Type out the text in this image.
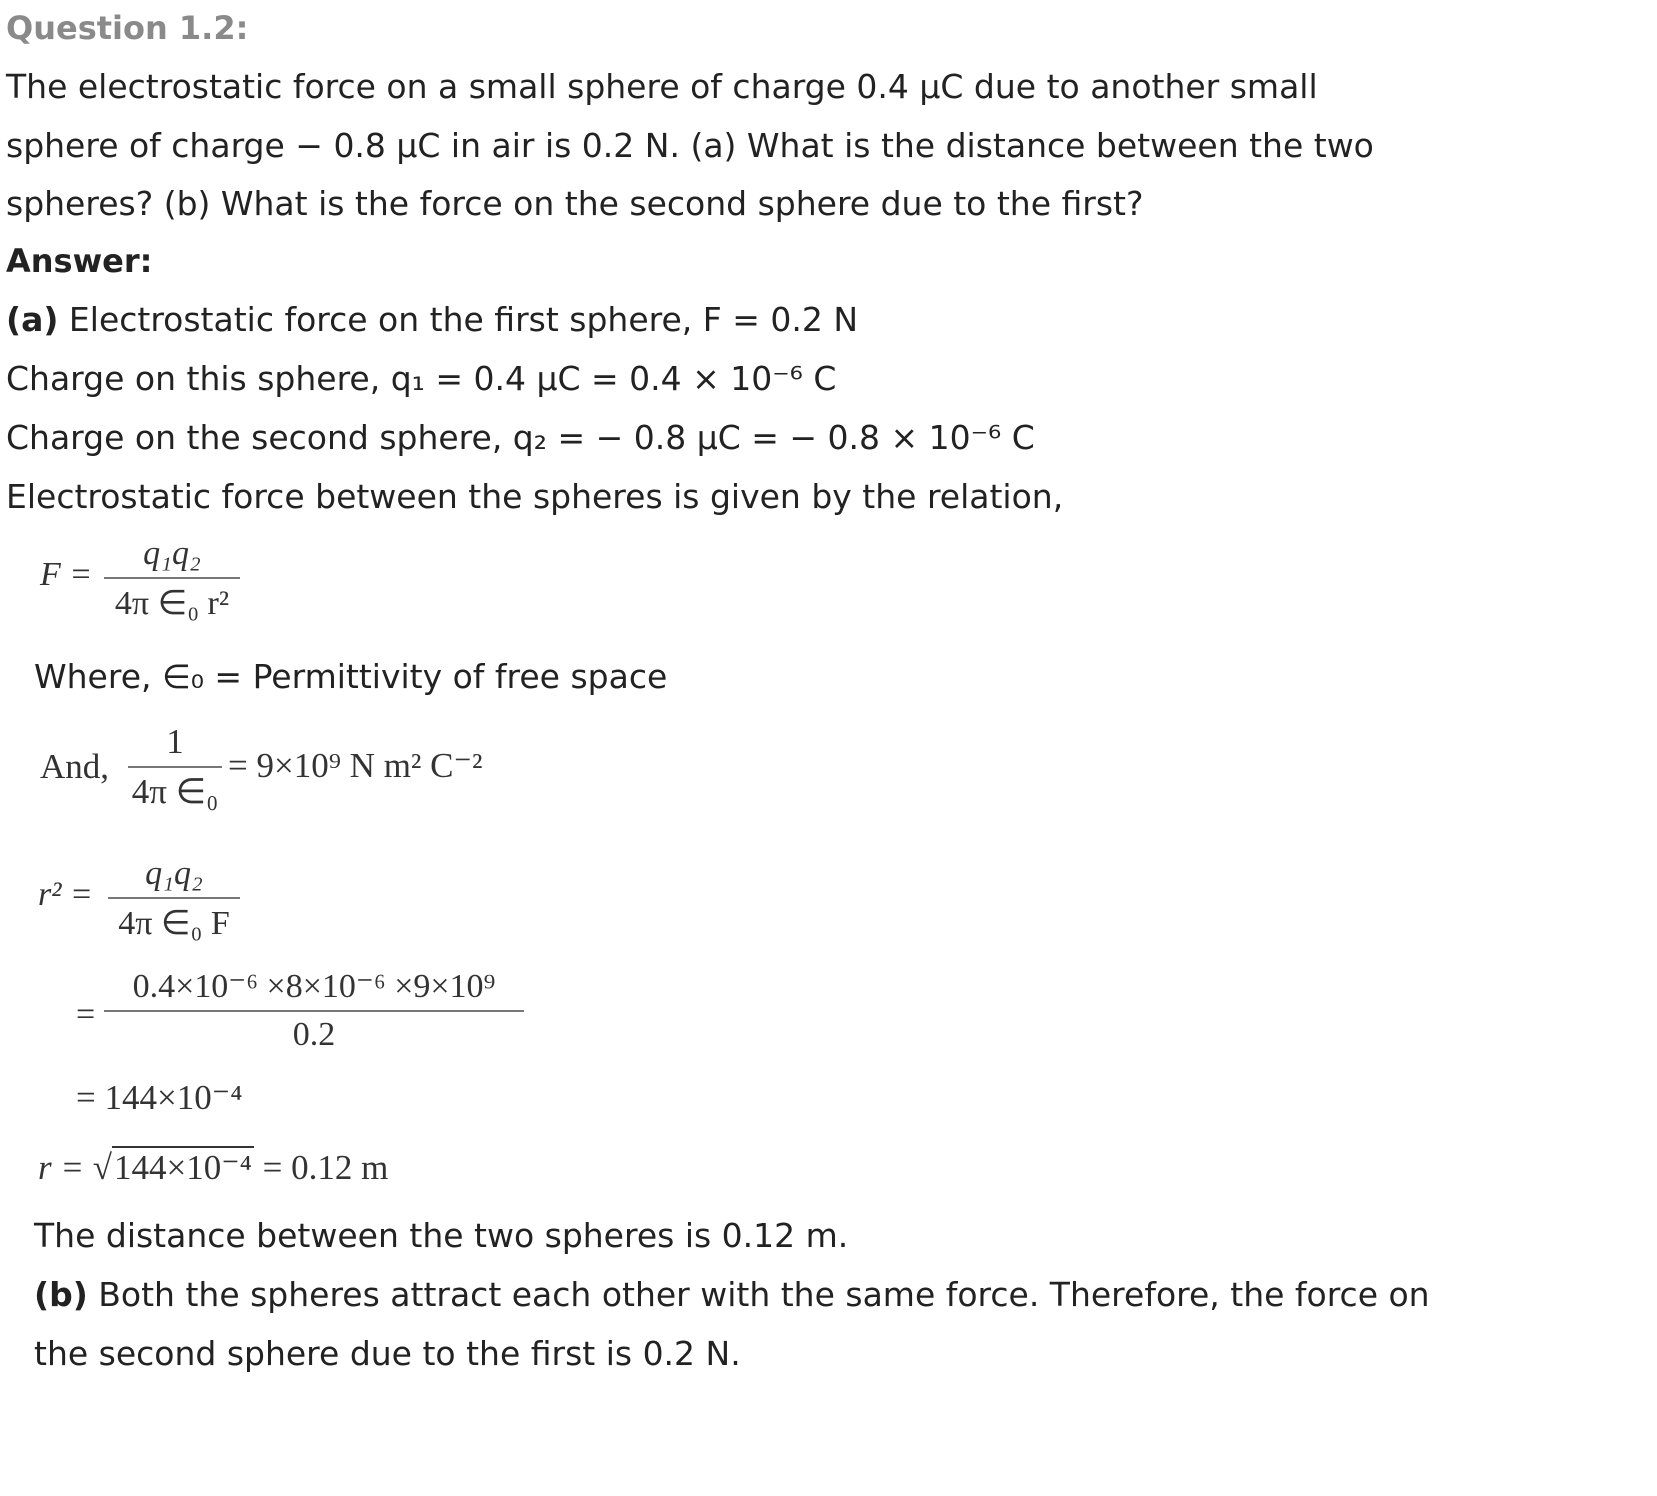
Question 1.2:
The electrostatic force on a small sphere of charge 0.4 μC due to another small
sphere of charge − 0.8 μC in air is 0.2 N. (a) What is the distance between the two
spheres? (b) What is the force on the second sphere due to the first?
Answer:
(a) Electrostatic force on the first sphere, F = 0.2 N
Charge on this sphere, q₁ = 0.4 μC = 0.4 × 10⁻⁶ C
Charge on the second sphere, q₂ = − 0.8 μC = − 0.8 × 10⁻⁶ C
Electrostatic force between the spheres is given by the relation,
F =
q₁q₂
4π ∈₀ r²
Where, ∈₀ = Permittivity of free space
And,
1
4π ∈₀
= 9×10⁹ N m² C⁻²
r² =
q₁q₂
4π ∈₀ F
=
0.4×10⁻⁶ ×8×10⁻⁶ ×9×10⁹
0.2
= 144×10⁻⁴
r = √144×10⁻⁴ = 0.12 m
The distance between the two spheres is 0.12 m.
(b) Both the spheres attract each other with the same force. Therefore, the force on
the second sphere due to the first is 0.2 N.
